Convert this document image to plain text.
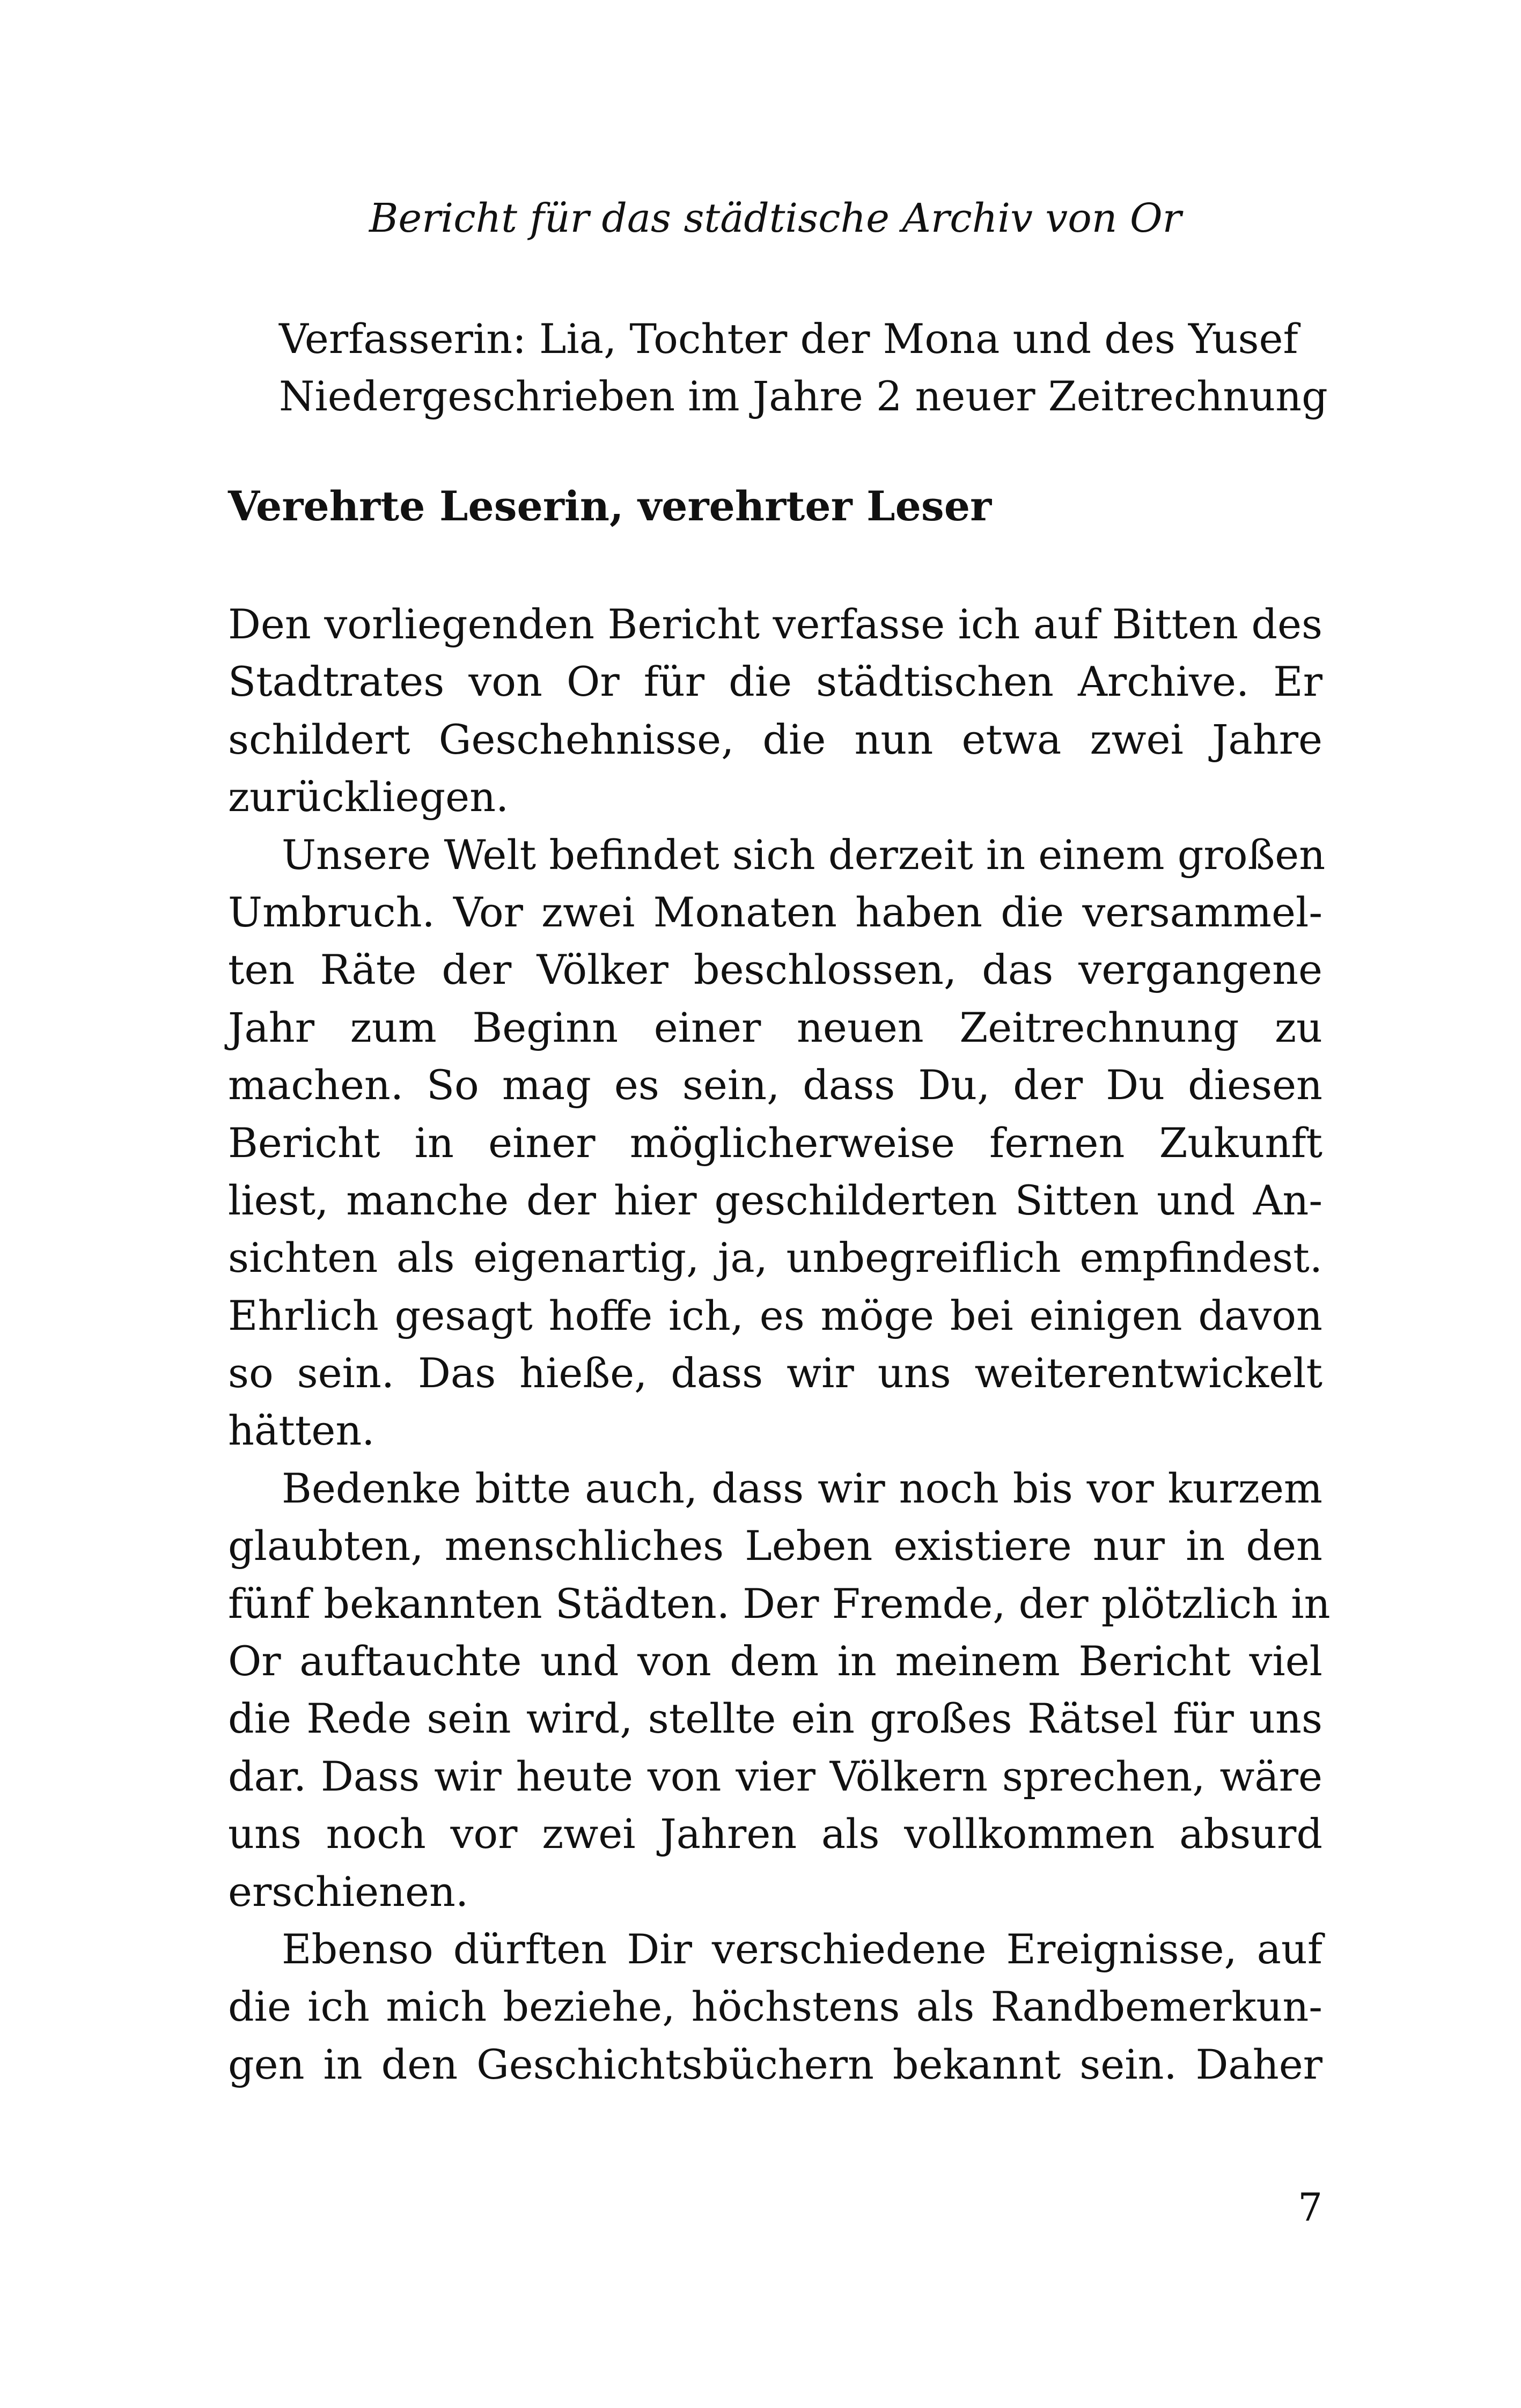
Bericht für das städtische Archiv von Or
Verfasserin: Lia, Tochter der Mona und des Yusef
Niedergeschrieben im Jahre 2 neuer Zeitrechnung
Verehrte Leserin, verehrter Leser
Den vorliegenden Bericht verfasse ich auf Bitten des
Stadtrates von Or für die städtischen Archive. Er
schildert Geschehnisse, die nun etwa zwei Jahre
zurückliegen.
Unsere Welt befindet sich derzeit in einem großen
Umbruch. Vor zwei Monaten haben die versammel-
ten Räte der Völker beschlossen, das vergangene
Jahr zum Beginn einer neuen Zeitrechnung zu
machen. So mag es sein, dass Du, der Du diesen
Bericht in einer möglicherweise fernen Zukunft
liest, manche der hier geschilderten Sitten und An-
sichten als eigenartig, ja, unbegreiflich empfindest.
Ehrlich gesagt hoffe ich, es möge bei einigen davon
so sein. Das hieße, dass wir uns weiterentwickelt
hätten.
Bedenke bitte auch, dass wir noch bis vor kurzem
glaubten, menschliches Leben existiere nur in den
fünf bekannten Städten. Der Fremde, der plötzlich in
Or auftauchte und von dem in meinem Bericht viel
die Rede sein wird, stellte ein großes Rätsel für uns
dar. Dass wir heute von vier Völkern sprechen, wäre
uns noch vor zwei Jahren als vollkommen absurd
erschienen.
Ebenso dürften Dir verschiedene Ereignisse, auf
die ich mich beziehe, höchstens als Randbemerkun-
gen in den Geschichtsbüchern bekannt sein. Daher
7
